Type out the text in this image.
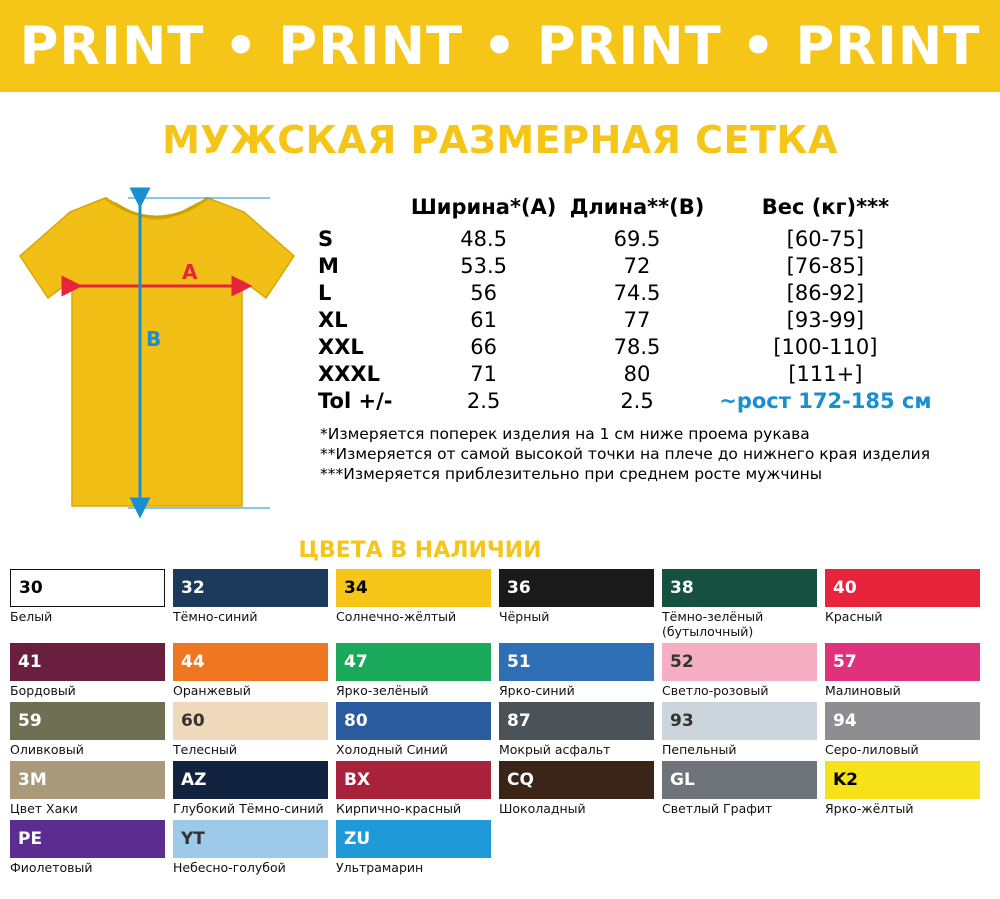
PRINT • PRINT • PRINT • PRINT
МУЖСКАЯ РАЗМЕРНАЯ СЕТКА
A
B
	Ширина*(A)	Длина**(B)	Вес (кг)***
S	48.5	69.5	[60-75]
M	53.5	72	[76-85]
L	56	74.5	[86-92]
XL	61	77	[93-99]
XXL	66	78.5	[100-110]
XXXL	71	80	[111+]
Tol +/-	2.5	2.5	~рост 172-185 см
*Измеряется поперек изделия на 1 см ниже проема рукава
**Измеряется от самой высокой точки на плече до нижнего края изделия
***Измеряется приблезительно при среднем росте мужчины
ЦВЕТА В НАЛИЧИИ
30
Белый
32
Тёмно-синий
34
Солнечно-жёлтый
36
Чёрный
38
Тёмно-зелёный (бутылочный)
40
Красный
41
Бордовый
44
Оранжевый
47
Ярко-зелёный
51
Ярко-синий
52
Светло-розовый
57
Малиновый
59
Оливковый
60
Телесный
80
Холодный Синий
87
Мокрый асфальт
93
Пепельный
94
Серо-лиловый
3M
Цвет Хаки
AZ
Глубокий Тёмно-синий
BX
Кирпично-красный
CQ
Шоколадный
GL
Светлый Графит
K2
Ярко-жёлтый
PE
Фиолетовый
YT
Небесно-голубой
ZU
Ультрамарин
